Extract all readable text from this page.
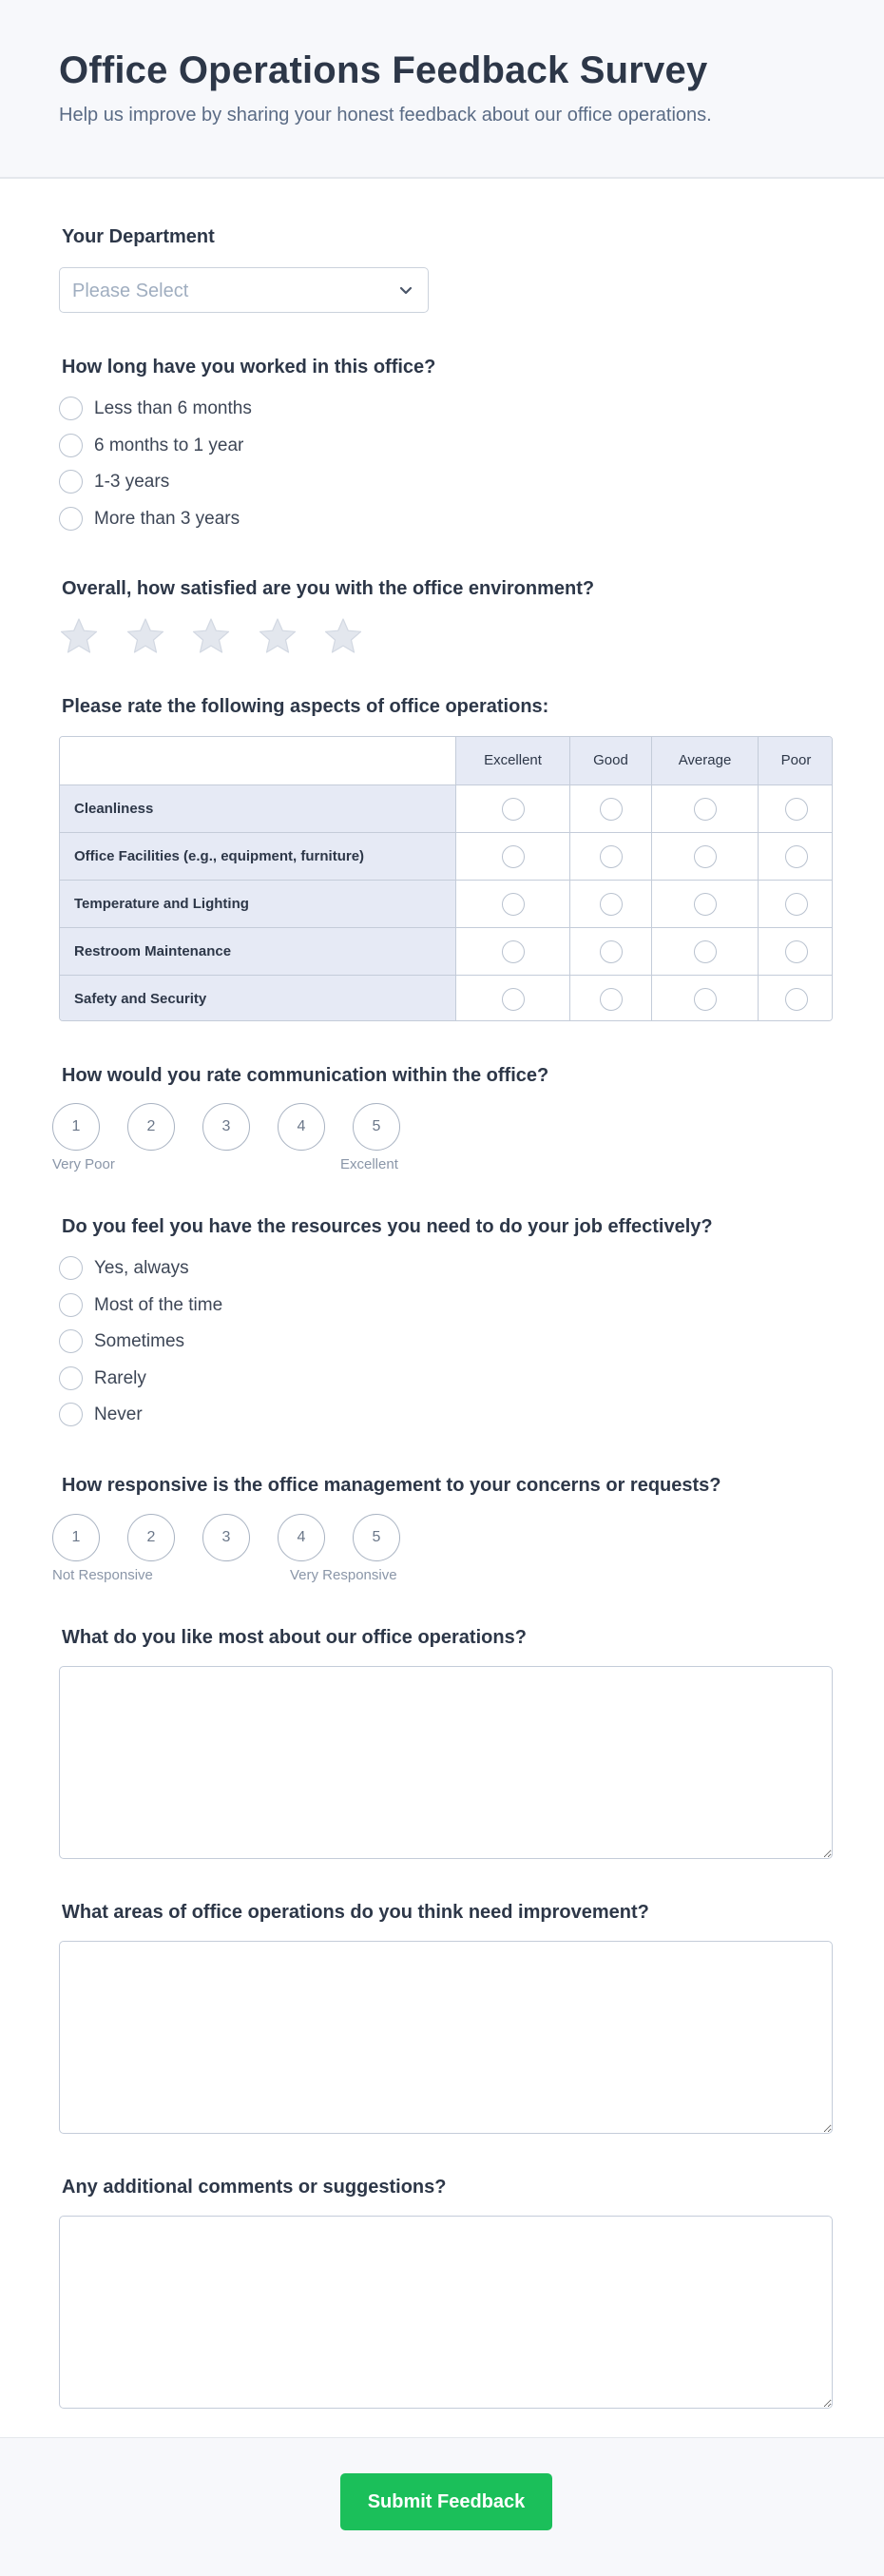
Office Operations Feedback Survey

Help us improve by sharing your honest feedback about our office operations.

Your Department
Please Select
How long have you worked in this office?
Less than 6 months
6 months to 1 year
1-3 years
More than 3 years
Overall, how satisfied are you with the office environment?
Please rate the following aspects of office operations:
Excellent	Good	Average	Poor
Cleanliness
Office Facilities (e.g., equipment, furniture)
Temperature and Lighting
Restroom Maintenance
Safety and Security
How would you rate communication within the office?
1	2	3	4	5
Very Poor	Excellent
Do you feel you have the resources you need to do your job effectively?
Yes, always
Most of the time
Sometimes
Rarely
Never
How responsive is the office management to your concerns or requests?
1	2	3	4	5
Not Responsive	Very Responsive
What do you like most about our office operations?
What areas of office operations do you think need improvement?
Any additional comments or suggestions?
Submit Feedback
